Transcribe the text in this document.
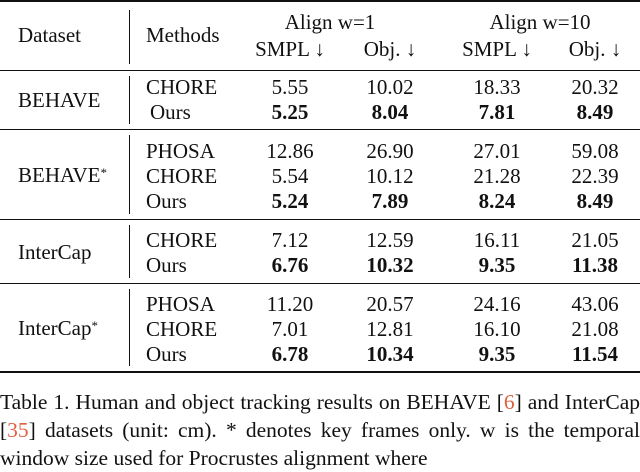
Dataset	Methods
Align w=1	Align w=10
SMPL ↓	Obj. ↓	SMPL ↓	Obj. ↓
BEHAVE
CHORE	5.55	10.02	18.33	20.32
Ours	5.25	8.04	7.81	8.49
BEHAVE*
PHOSA	12.86	26.90	27.01	59.08
CHORE	5.54	10.12	21.28	22.39
Ours	5.24	7.89	8.24	8.49
InterCap	CHORE	7.12	12.59	16.11	21.05
Ours	6.76	10.32	9.35	11.38
InterCap*
PHOSA	11.20	20.57	24.16	43.06
CHORE	7.01	12.81	16.10	21.08
Ours	6.78	10.34	9.35	11.54
Table 1. Human and object tracking results on BEHAVE [6] and InterCap [35] datasets (unit: cm). * denotes key frames only. w is the temporal window size used for Procrustes alignment where
